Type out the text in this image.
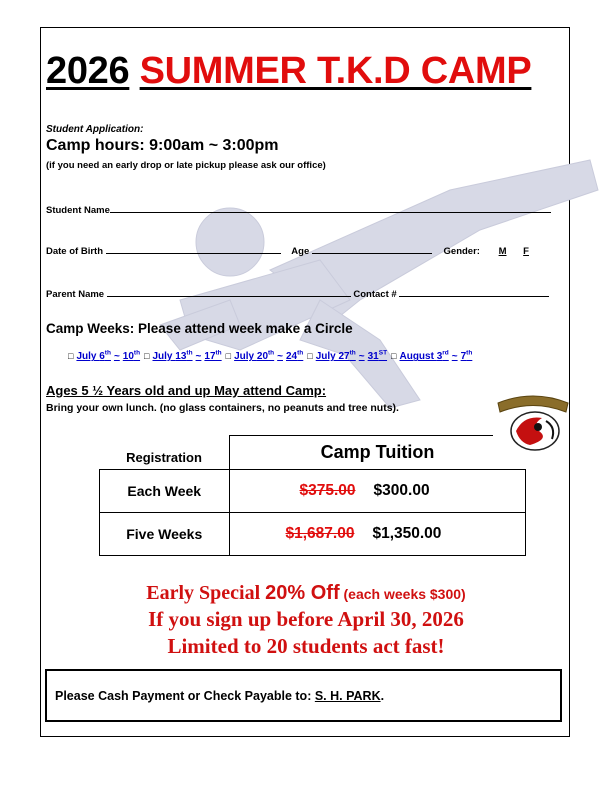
2026 SUMMER T.K.D CAMP
Student Application:
Camp hours: 9:00am ~ 3:00pm
(if you need an early drop or late pickup please ask our office)
Student Name
Date of Birth	Age	Gender: M F
Parent Name	Contact #
Camp Weeks: Please attend week make a Circle
□ July 6th ~ 10th □ July 13th ~ 17th □ July 20th ~ 24th □ July 27th ~ 31ST □ August 3rd ~ 7th
Ages 5 ½ Years old and up May attend Camp:
Bring your own lunch. (no glass containers, no peanuts and tree nuts).
Registration	Camp Tuition
Each Week	$375.00 $300.00
Five Weeks	$1,687.00 $1,350.00
Early Special 20% Off (each weeks $300)
If you sign up before April 30, 2026
Limited to 20 students act fast!
Please Cash Payment or Check Payable to: S. H. PARK.
